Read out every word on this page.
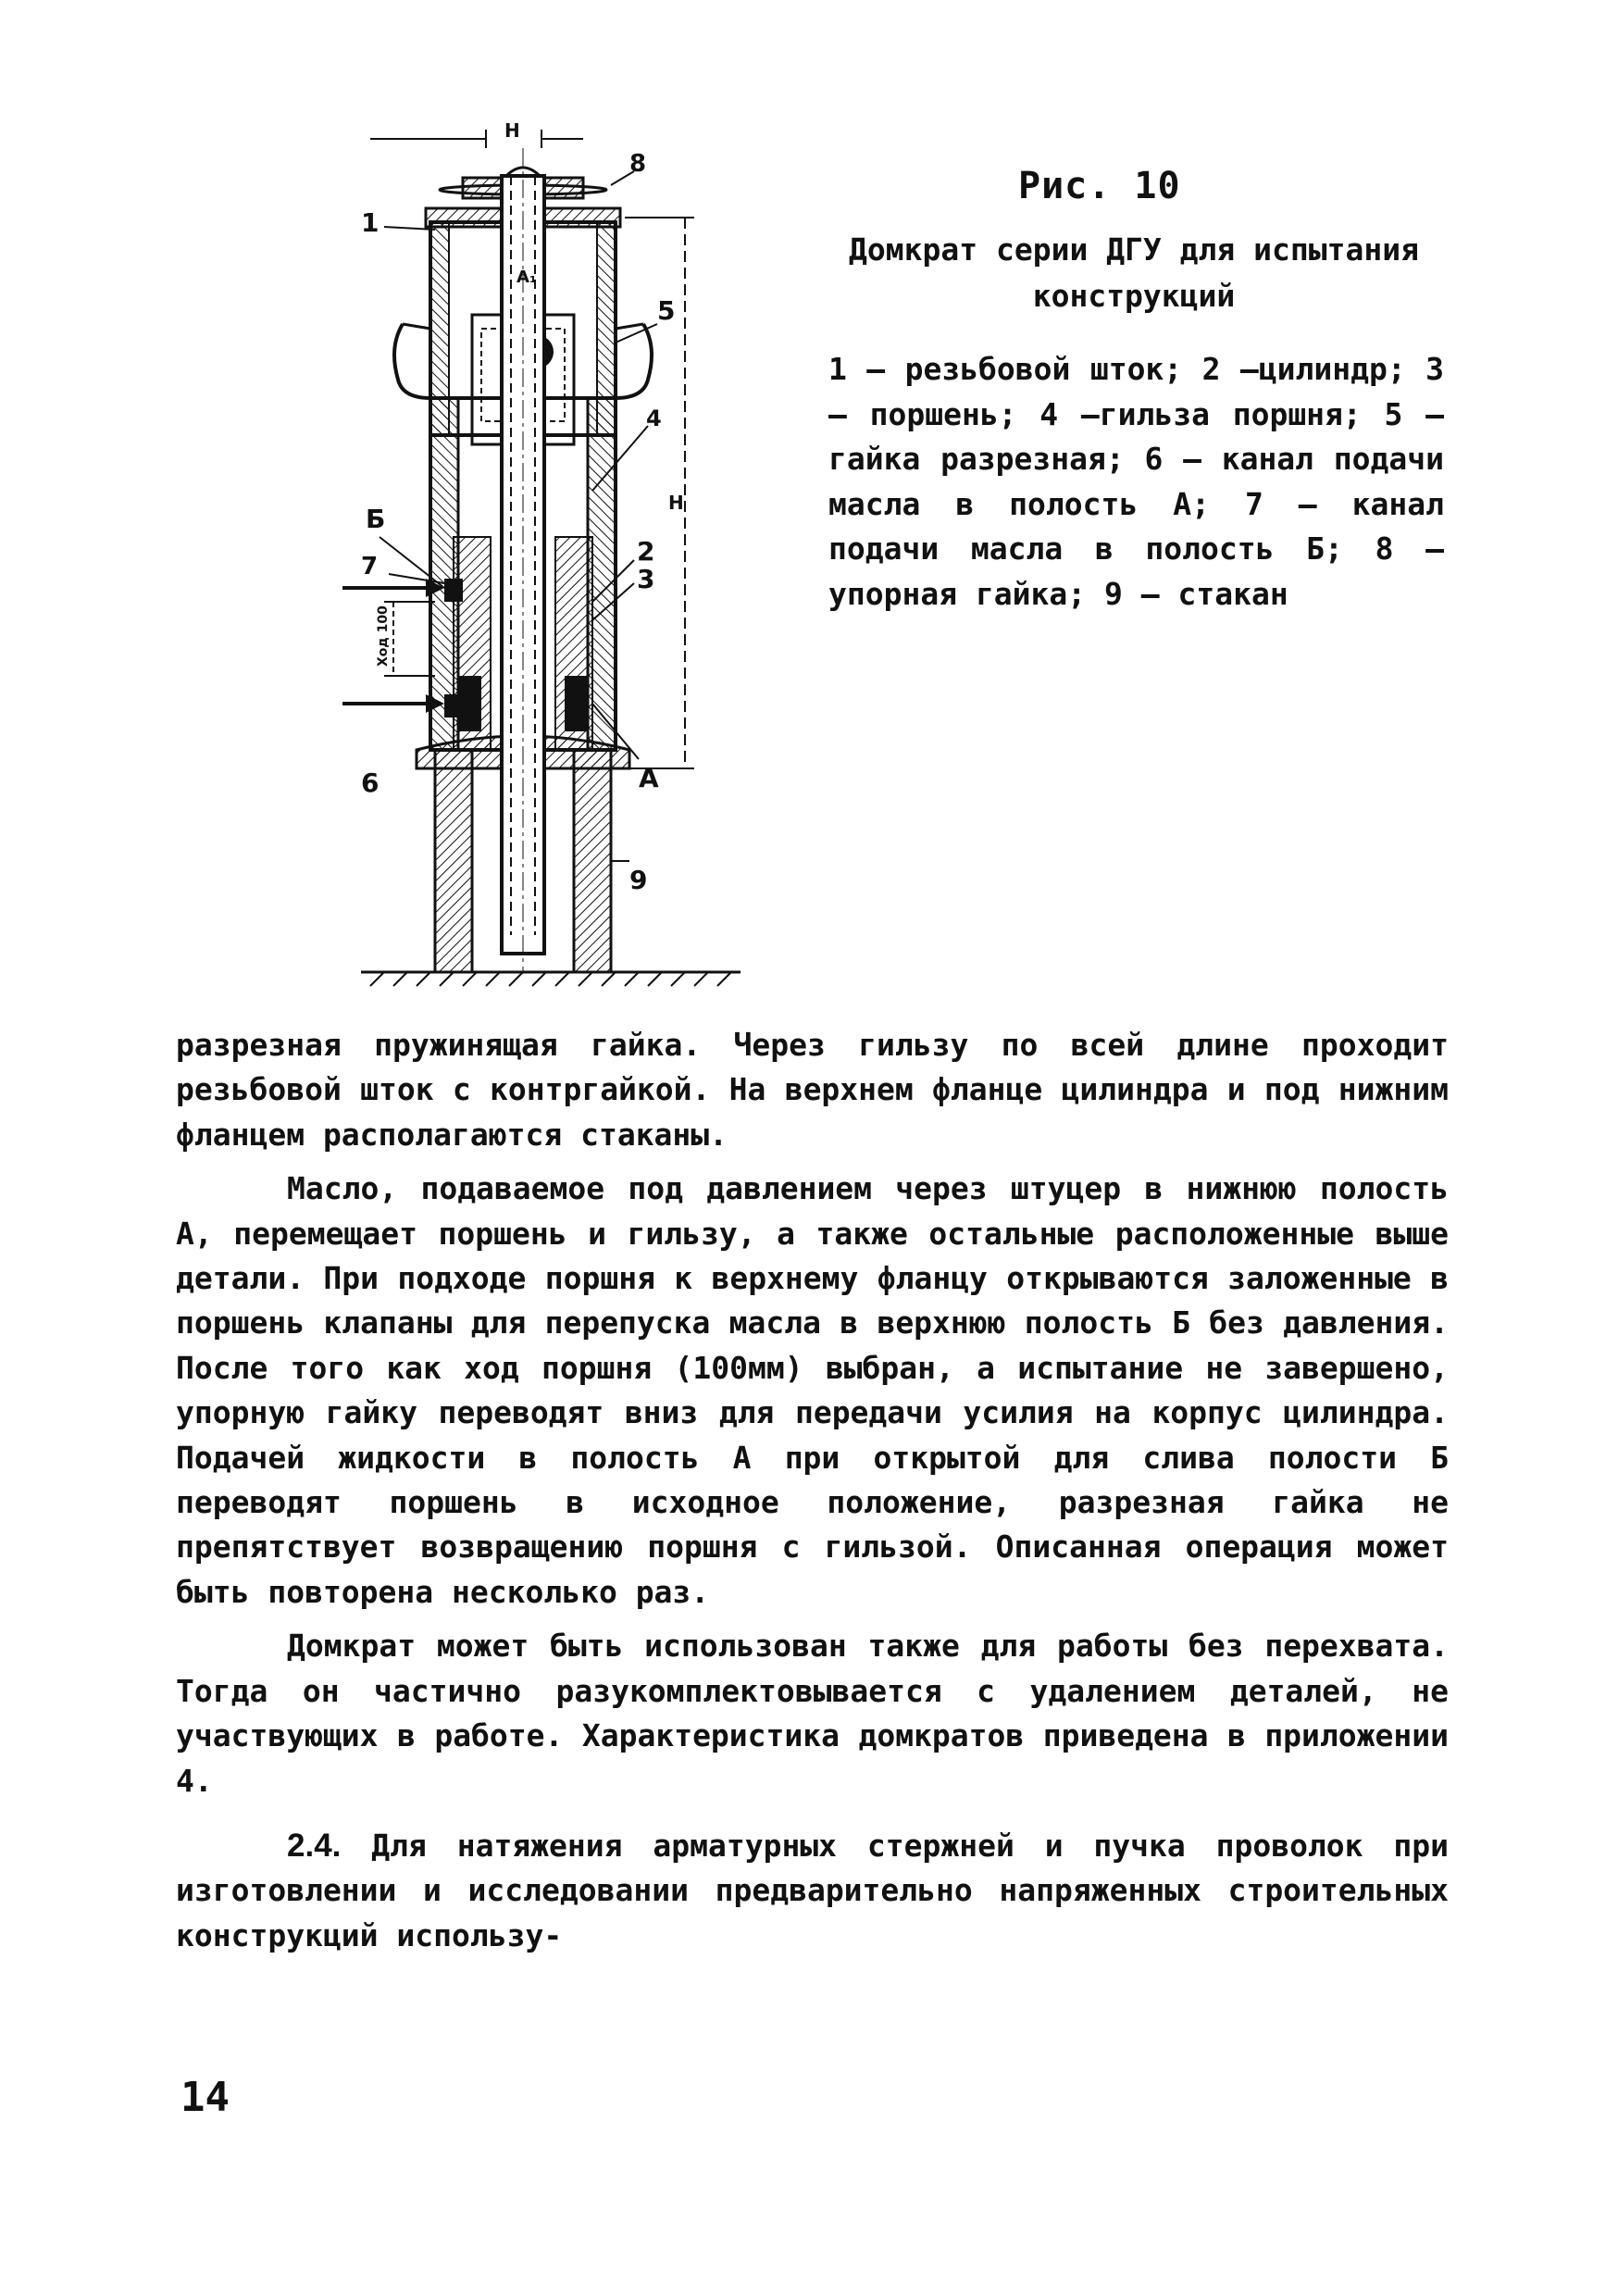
1
8
5
4
2
3
А
9
Б
7
6
Н
Н
Ход 100
А₁
Рис. 10
Домкрат серии ДГУ для испытания конструкций
1 – резьбовой шток; 2 –цилиндр; 3 – поршень; 4 –гильза поршня; 5 – гайка разрезная; 6 – канал подачи масла в полость А; 7 – канал подачи масла в полость Б; 8 – упорная гайка; 9 – стакан

разрезная пружинящая гайка. Через гильзу по всей длине проходит резьбовой шток с контргайкой. На верхнем фланце цилиндра и под нижним фланцем располагаются стаканы.

Масло, подаваемое под давлением через штуцер в нижнюю полость А, перемещает поршень и гильзу, а также остальные расположенные выше детали. При подходе поршня к верхнему фланцу открываются заложенные в поршень клапаны для перепуска масла в верхнюю полость Б без давления. После того как ход поршня (100мм) выбран, а испытание не завершено, упорную гайку переводят вниз для передачи усилия на корпус цилиндра. Подачей жидкости в полость А при открытой для слива полости Б переводят поршень в исходное положение, разрезная гайка не препятствует возвращению поршня с гильзой. Описанная операция может быть повторена несколько раз.

Домкрат может быть использован также для работы без перехвата. Тогда он частично разукомплектовывается с удалением деталей, не участвующих в работе. Характеристика домкратов приведена в приложении 4.

2.4. Для натяжения арматурных стержней и пучка проволок при изготовлении и исследовании предварительно напряженных строительных конструкций использу-

14
